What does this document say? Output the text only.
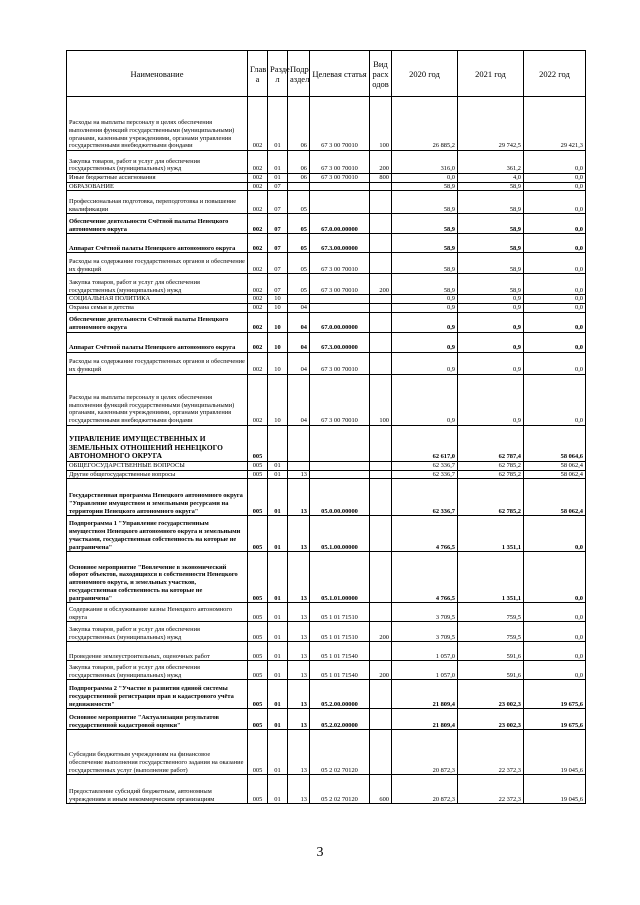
Наименование	Глав а	Разде л	Подр аздел	Целевая статья	Вид расх одов	2020 год	2021 год	2022 год
Расходы на выплаты персоналу в целях обеспечения выполнения функций государственными (муниципальными) органами, казенными учреждениями, органами управления государственными внебюджетными фондами	002	01	06	67 3 00 70010	100	26 885,2	29 742,5	29 421,3
Закупка товаров, работ и услуг для обеспечения государственных (муниципальных) нужд	002	01	06	67 3 00 70010	200	316,0	361,2	0,0
Иные бюджетные ассигнования	002	01	06	67 3 00 70010	800	0,0	4,0	0,0
ОБРАЗОВАНИЕ	002	07				58,9	58,9	0,0
Профессиональная подготовка, переподготовка и повышение квалификации	002	07	05			58,9	58,9	0,0
Обеспечение деятельности Счётной палаты Ненецкого автономного округа	002	07	05	67.0.00.00000		58,9	58,9	0,0
Аппарат Счётной палаты Ненецкого автономного округа	002	07	05	67.3.00.00000		58,9	58,9	0,0
Расходы на содержание государственных органов и обеспечение их функций	002	07	05	67 3 00 70010		58,9	58,9	0,0
Закупка товаров, работ и услуг для обеспечения государственных (муниципальных) нужд	002	07	05	67 3 00 70010	200	58,9	58,9	0,0
СОЦИАЛЬНАЯ ПОЛИТИКА	002	10				0,9	0,9	0,0
Охрана семьи и детства	002	10	04			0,9	0,9	0,0
Обеспечение деятельности Счётной палаты Ненецкого автономного округа	002	10	04	67.0.00.00000		0,9	0,9	0,0
Аппарат Счётной палаты Ненецкого автономного округа	002	10	04	67.3.00.00000		0,9	0,9	0,0
Расходы на содержание государственных органов и обеспечение их функций	002	10	04	67 3 00 70010		0,9	0,9	0,0
Расходы на выплаты персоналу в целях обеспечения выполнения функций государственными (муниципальными) органами, казенными учреждениями, органами управления государственными внебюджетными фондами	002	10	04	67 3 00 70010	100	0,9	0,9	0,0
УПРАВЛЕНИЕ ИМУЩЕСТВЕННЫХ И ЗЕМЕЛЬНЫХ ОТНОШЕНИЙ НЕНЕЦКОГО АВТОНОМНОГО ОКРУГА	005					62 617,0	62 787,4	58 064,6
ОБЩЕГОСУДАРСТВЕННЫЕ ВОПРОСЫ	005	01				62 336,7	62 785,2	58 062,4
Другие общегосударственные вопросы	005	01	13			62 336,7	62 785,2	58 062,4
Государственная программа Ненецкого автономного округа "Управление имуществом и земельными ресурсами на территории Ненецкого автономного округа"	005	01	13	05.0.00.00000		62 336,7	62 785,2	58 062,4
Подпрограмма 1 "Управление государственным имуществом Ненецкого автономного округа и земельными участками, государственная собственность на которые не разграничена"	005	01	13	05.1.00.00000		4 766,5	1 351,1	0,0
Основное мероприятие "Вовлечение в экономический оборот объектов, находящихся в собственности Ненецкого автономного округа, и земельных участков, государственная собственность на которые не разграничена"	005	01	13	05.1.01.00000		4 766,5	1 351,1	0,0
Содержание и обслуживание казны Ненецкого автономного округа	005	01	13	05 1 01 71510		3 709,5	759,5	0,0
Закупка товаров, работ и услуг для обеспечения государственных (муниципальных) нужд	005	01	13	05 1 01 71510	200	3 709,5	759,5	0,0
Проведение землеустроительных, оценочных работ	005	01	13	05 1 01 71540		1 057,0	591,6	0,0
Закупка товаров, работ и услуг для обеспечения государственных (муниципальных) нужд	005	01	13	05 1 01 71540	200	1 057,0	591,6	0,0
Подпрограмма 2 "Участие в развитии единой системы государственной регистрации прав и кадастрового учёта недвижимости"	005	01	13	05.2.00.00000		21 809,4	23 002,3	19 675,6
Основное мероприятие "Актуализация результатов государственной кадастровой оценки"	005	01	13	05.2.02.00000		21 809,4	23 002,3	19 675,6
Субсидии бюджетным учреждениям на финансовое обеспечение выполнения государственного задания на оказание государственных услуг (выполнение работ)	005	01	13	05 2 02 70120		20 872,3	22 372,3	19 045,6
Предоставление субсидий бюджетным, автономным учреждениям и иным некоммерческим организациям	005	01	13	05 2 02 70120	600	20 872,3	22 372,3	19 045,6
3
